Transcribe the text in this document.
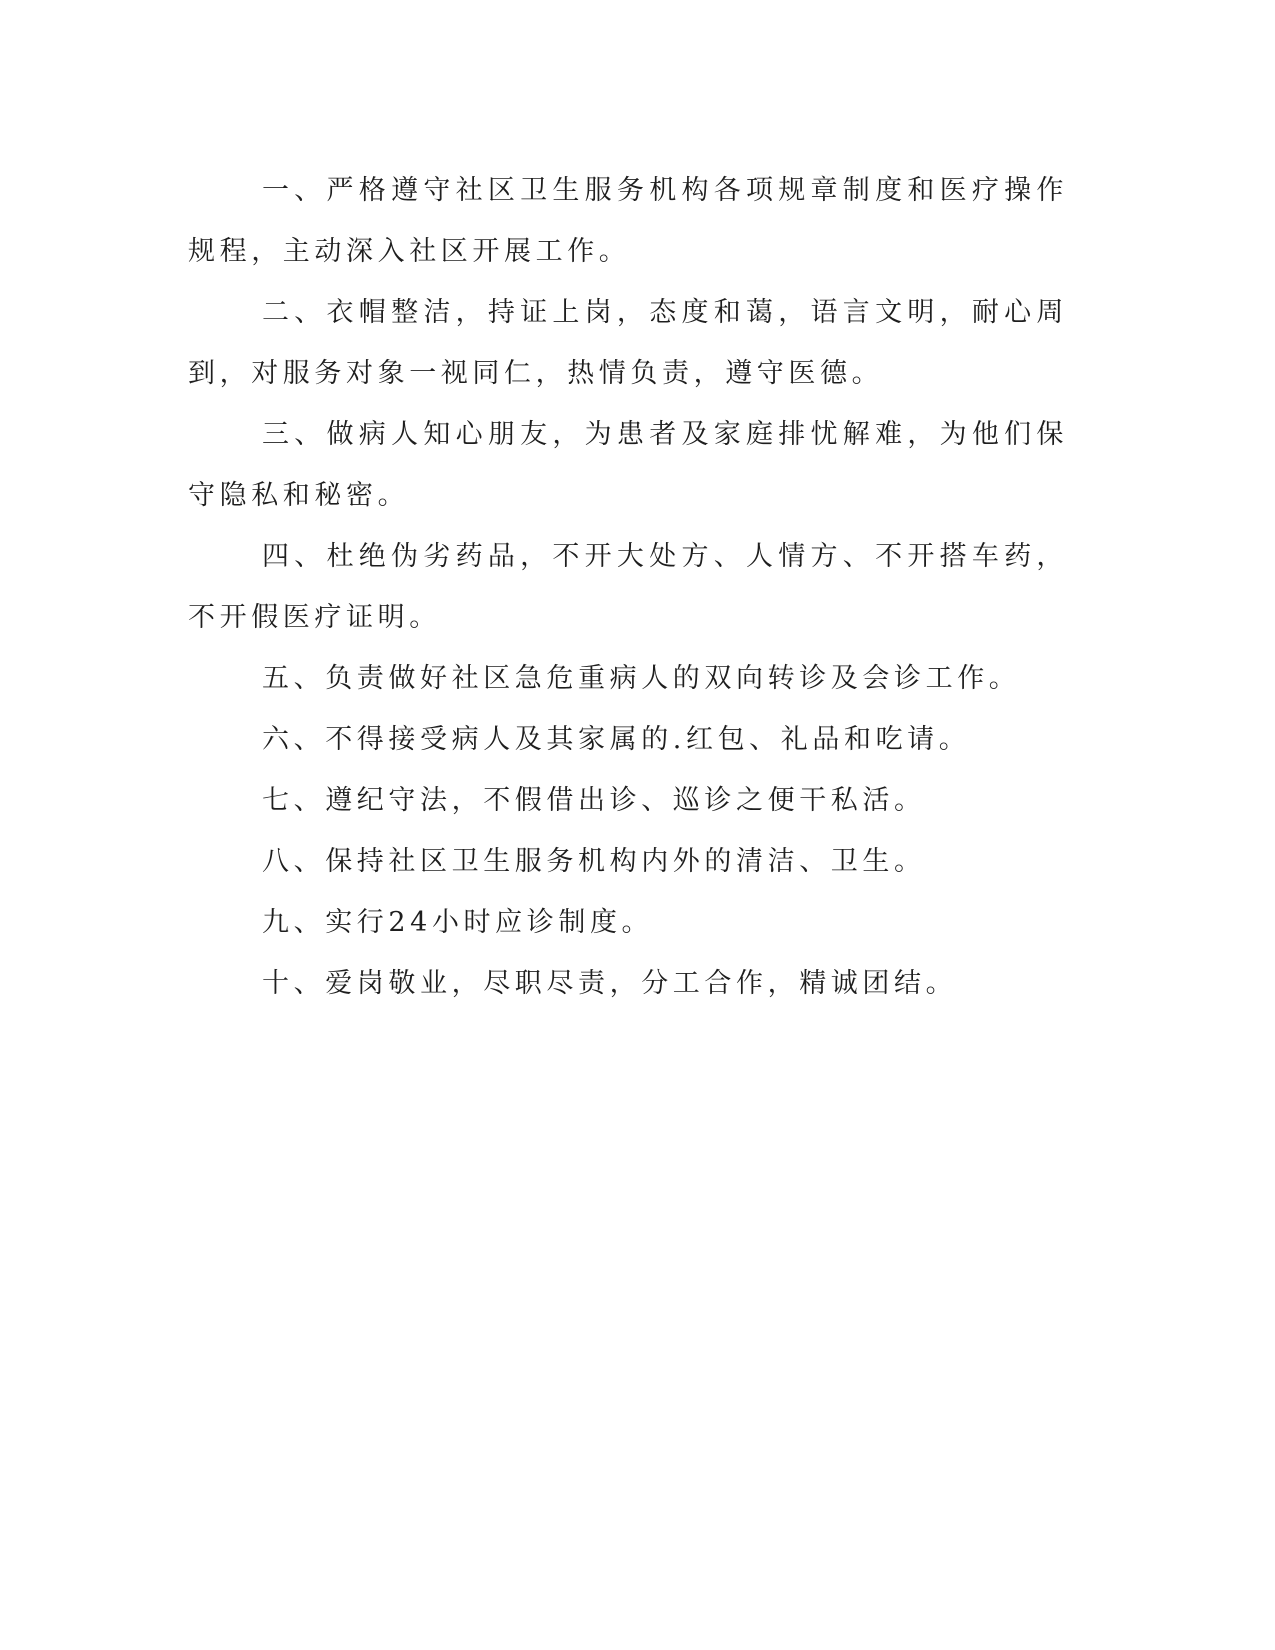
一、严格遵守社区卫生服务机构各项规章制度和医疗操作规程，主动深入社区开展工作。

二、衣帽整洁，持证上岗，态度和蔼，语言文明，耐心周到，对服务对象一视同仁，热情负责，遵守医德。

三、做病人知心朋友，为患者及家庭排忧解难，为他们保守隐私和秘密。

四、杜绝伪劣药品，不开大处方、人情方、不开搭车药，不开假医疗证明。

五、负责做好社区急危重病人的双向转诊及会诊工作。

六、不得接受病人及其家属的.红包、礼品和吃请。

七、遵纪守法，不假借出诊、巡诊之便干私活。

八、保持社区卫生服务机构内外的清洁、卫生。

九、实行24小时应诊制度。

十、爱岗敬业，尽职尽责，分工合作，精诚团结。
